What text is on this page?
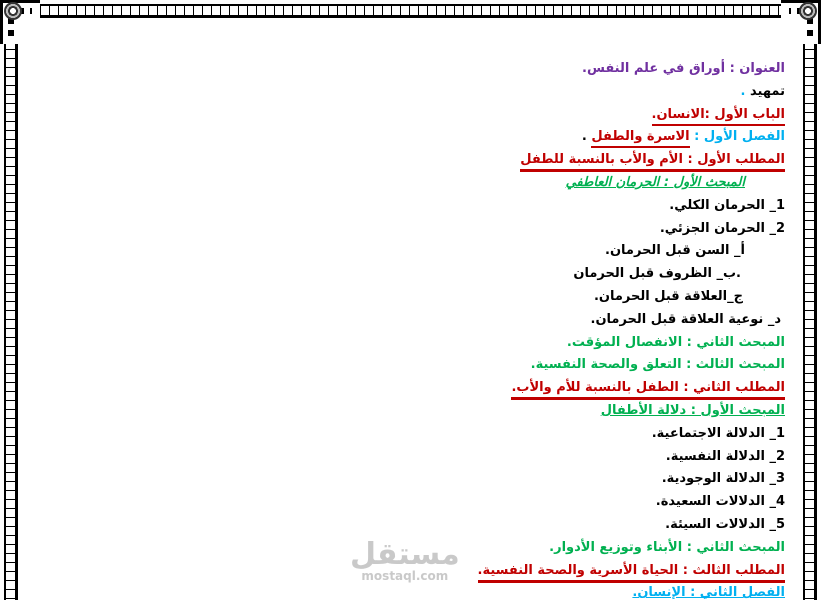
العنوان : أوراق في علم النفس.
تمهيد .
الباب الأول :الانسان.
الفصل الأول : الاسرة والطفل .
المطلب الأول : الأم والأب بالنسبة للطفل
المبحث الأول : الحرمان العاطفي
1_ الحرمان الكلي.
2_ الحرمان الجزئي.
أ_ السن قبل الحرمان.
.ب_ الظروف قبل الحرمان
ج_العلاقة قبل الحرمان.
د_ نوعية العلاقة قبل الحرمان.
المبحث الثاني : الانفصال المؤقت.
المبحث الثالث : التعلق والصحة النفسية.
المطلب الثاني : الطفل بالنسبة للأم والأب.
المبحث الأول : دلالة الأطفال
1_ الدلالة الاجتماعية.
2_ الدلالة النفسية.
3_ الدلالة الوجودية.
4_ الدلالات السعيدة.
5_ الدلالات السيئة.
المبحث الثاني : الأبناء وتوزيع الأدوار.
المطلب الثالث : الحياة الأسرية والصحة النفسية.
الفصل الثاني : الإنسان.
مستقل
mostaql.com
